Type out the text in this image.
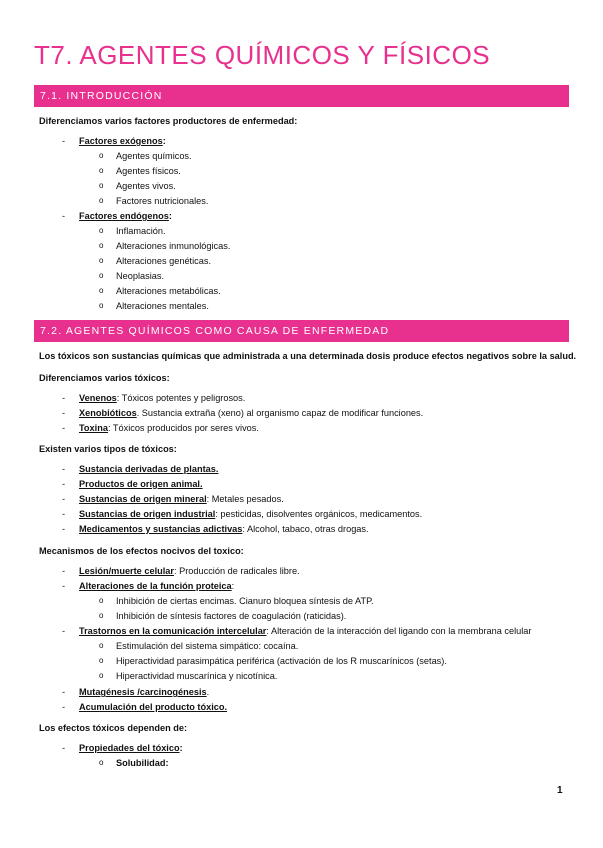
T7. AGENTES QUÍMICOS Y FÍSICOS
7.1. INTRODUCCIÓN
Diferenciamos varios factores productores de enfermedad:
- Factores exógenos:
o Agentes químicos.
o Agentes físicos.
o Agentes vivos.
o Factores nutricionales.
- Factores endógenos:
o Inflamación.
o Alteraciones inmunológicas.
o Alteraciones genéticas.
o Neoplasias.
o Alteraciones metabólicas.
o Alteraciones mentales.
7.2. AGENTES QUÍMICOS COMO CAUSA DE ENFERMEDAD
Los tóxicos son sustancias químicas que administrada a una determinada dosis produce efectos negativos sobre la salud.
Diferenciamos varios tóxicos:
- Venenos: Tóxicos potentes y peligrosos.
- Xenobióticos. Sustancia extraña (xeno) al organismo capaz de modificar funciones.
- Toxina: Tóxicos producidos por seres vivos.
Existen varios tipos de tóxicos:
- Sustancia derivadas de plantas.
- Productos de origen animal.
- Sustancias de origen mineral: Metales pesados.
- Sustancias de origen industrial: pesticidas, disolventes orgánicos, medicamentos.
- Medicamentos y sustancias adictivas: Alcohol, tabaco, otras drogas.
Mecanismos de los efectos nocivos del toxico:
- Lesión/muerte celular: Producción de radicales libre.
- Alteraciones de la función proteica:
o Inhibición de ciertas encimas. Cianuro bloquea síntesis de ATP.
o Inhibición de síntesis factores de coagulación (raticidas).
- Trastornos en la comunicación intercelular: Alteración de la interacción del ligando con la membrana celular
o Estimulación del sistema simpático: cocaína.
o Hiperactividad parasimpática periférica (activación de los R muscarínicos (setas).
o Hiperactividad muscarínica y nicotínica.
- Mutagénesis /carcinogénesis.
- Acumulación del producto tóxico.
Los efectos tóxicos dependen de:
- Propiedades del tóxico:
o Solubilidad:
1
